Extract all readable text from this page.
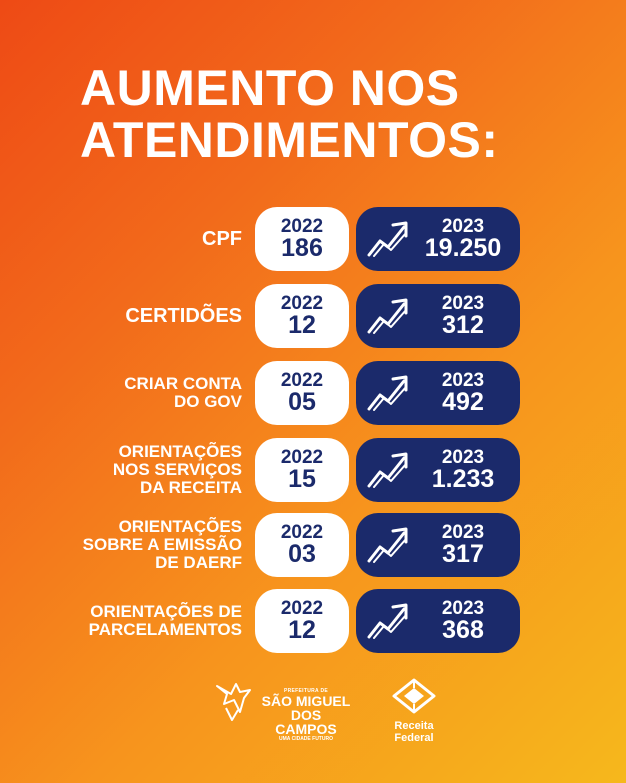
AUMENTO NOS
ATENDIMENTOS:
CPF
2022
186
2023
19.250
CERTIDÕES
2022
12
2023
312
CRIAR CONTA
DO GOV
2022
05
2023
492
ORIENTAÇÕES
NOS SERVIÇOS
DA RECEITA
2022
15
2023
1.233
ORIENTAÇÕES
SOBRE A EMISSÃO
DE DAERF
2022
03
2023
317
ORIENTAÇÕES DE
PARCELAMENTOS
2022
12
2023
368
PREFEITURA DE
SÃO MIGUEL
DOS CAMPOS
UMA CIDADE FUTURO
Receita Federal
